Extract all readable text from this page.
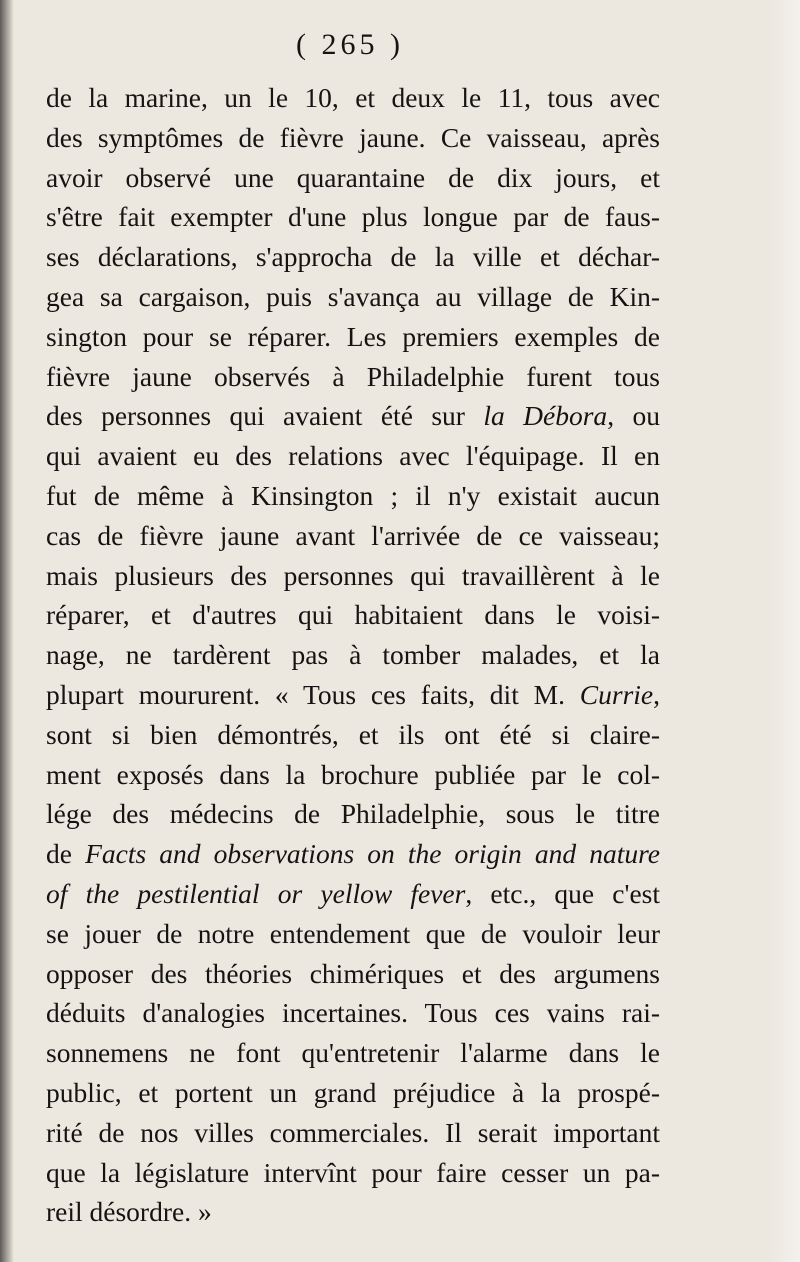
( 265 )
de la marine, un le 10, et deux le 11, tous avec
des symptômes de fièvre jaune. Ce vaisseau, après
avoir observé une quarantaine de dix jours, et
s'être fait exempter d'une plus longue par de faus-
ses déclarations, s'approcha de la ville et déchar-
gea sa cargaison, puis s'avança au village de Kin-
sington pour se réparer. Les premiers exemples de
fièvre jaune observés à Philadelphie furent tous
des personnes qui avaient été sur la Débora, ou
qui avaient eu des relations avec l'équipage. Il en
fut de même à Kinsington ; il n'y existait aucun
cas de fièvre jaune avant l'arrivée de ce vaisseau;
mais plusieurs des personnes qui travaillèrent à le
réparer, et d'autres qui habitaient dans le voisi-
nage, ne tardèrent pas à tomber malades, et la
plupart moururent. « Tous ces faits, dit M. Currie,
sont si bien démontrés, et ils ont été si claire-
ment exposés dans la brochure publiée par le col-
lége des médecins de Philadelphie, sous le titre
de Facts and observations on the origin and nature
of the pestilential or yellow fever, etc., que c'est
se jouer de notre entendement que de vouloir leur
opposer des théories chimériques et des argumens
déduits d'analogies incertaines. Tous ces vains rai-
sonnemens ne font qu'entretenir l'alarme dans le
public, et portent un grand préjudice à la prospé-
rité de nos villes commerciales. Il serait important
que la législature intervînt pour faire cesser un pa-
reil désordre. »
